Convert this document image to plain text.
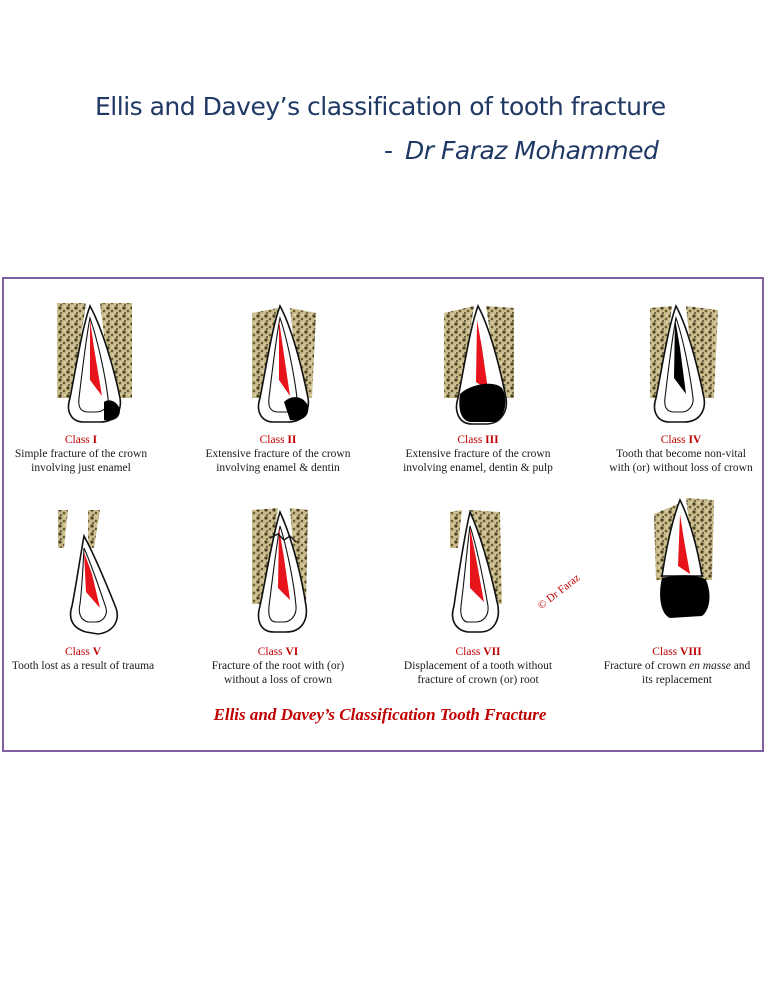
Ellis and Davey’s classification of tooth fracture
- Dr Faraz Mohammed
Class I
Simple fracture of the crown
involving just enamel
Class II
Extensive fracture of the crown
involving enamel & dentin
Class III
Extensive fracture of the crown
involving enamel, dentin & pulp
Class IV
Tooth that become non-vital
with (or) without loss of crown
Class V
Tooth lost as a result of trauma
Class VI
Fracture of the root with (or)
without a loss of crown
Class VII
Displacement of a tooth without
fracture of crown (or) root
Class VIII
Fracture of crown en masse and
its replacement
© Dr Faraz
Ellis and Davey’s Classification Tooth Fracture
